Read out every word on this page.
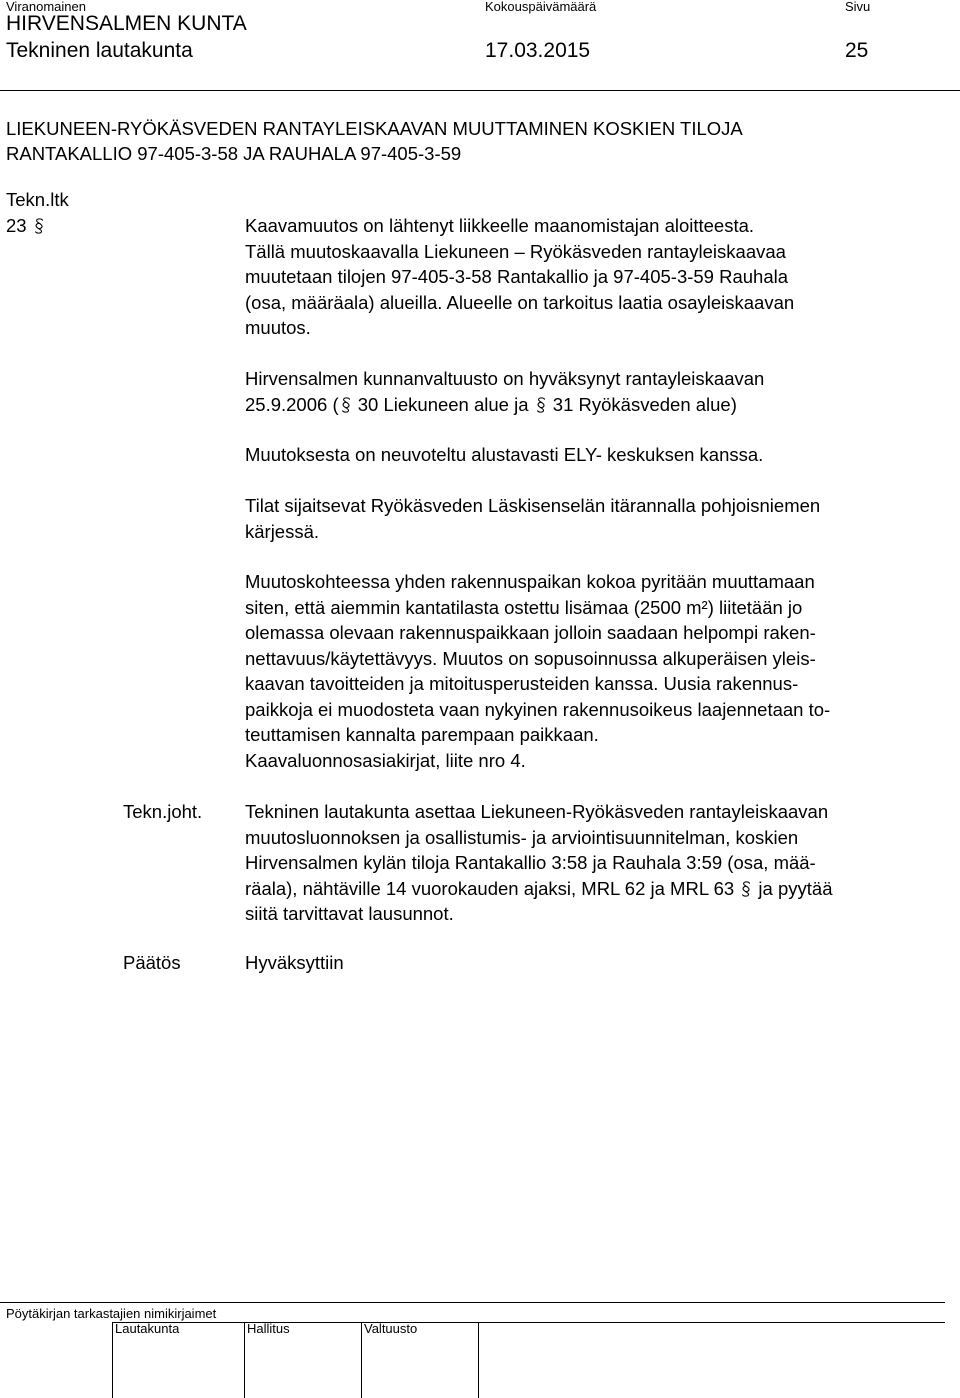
Viranomainen	Kokouspäivämäärä	Sivu
HIRVENSALMEN KUNTA
Tekninen lautakunta	17.03.2015	25
LIEKUNEEN-RYÖKÄSVEDEN RANTAYLEISKAAVAN MUUTTAMINEN KOSKIEN TILOJA
RANTAKALLIO 97-405-3-58 JA RAUHALA 97-405-3-59
Tekn.ltk
23	Kaavamuutos on lähtenyt liikkeelle maanomistajan aloitteesta.
Tällä muutoskaavalla Liekuneen – Ryökäsveden rantayleiskaavaa
muutetaan tilojen 97-405-3-58 Rantakallio ja 97-405-3-59 Rauhala
(osa, määräala) alueilla. Alueelle on tarkoitus laatia osayleiskaavan
muutos.
Hirvensalmen kunnanvaltuusto on hyväksynyt rantayleiskaavan
25.9.2006 ( 30 Liekuneen alue ja  31 Ryökäsveden alue)
Muutoksesta on neuvoteltu alustavasti ELY- keskuksen kanssa.
Tilat sijaitsevat Ryökäsveden Läskisenselän itärannalla pohjoisniemen
kärjessä.
Muutoskohteessa yhden rakennuspaikan kokoa pyritään muuttamaan
siten, että aiemmin kantatilasta ostettu lisämaa (2500 m²) liitetään jo
olemassa olevaan rakennuspaikkaan jolloin saadaan helpompi raken-
nettavuus/käytettävyys. Muutos on sopusoinnussa alkuperäisen yleis-
kaavan tavoitteiden ja mitoitusperusteiden kanssa. Uusia rakennus-
paikkoja ei muodosteta vaan nykyinen rakennusoikeus laajennetaan to-
teuttamisen kannalta parempaan paikkaan.
Kaavaluonnosasiakirjat, liite nro 4.
Tekn.joht. Tekninen lautakunta asettaa Liekuneen-Ryökäsveden rantayleiskaavan
muutosluonnoksen ja osallistumis- ja arviointisuunnitelman, koskien
Hirvensalmen kylän tiloja Rantakallio 3:58 ja Rauhala 3:59 (osa, mää-
räala), nähtäville 14 vuorokauden ajaksi, MRL 62 ja MRL 63  ja pyytää
siitä tarvittavat lausunnot.
Päätös	Hyväksyttiin
Pöytäkirjan tarkastajien nimikirjaimet
Lautakunta	Hallitus	Valtuusto
